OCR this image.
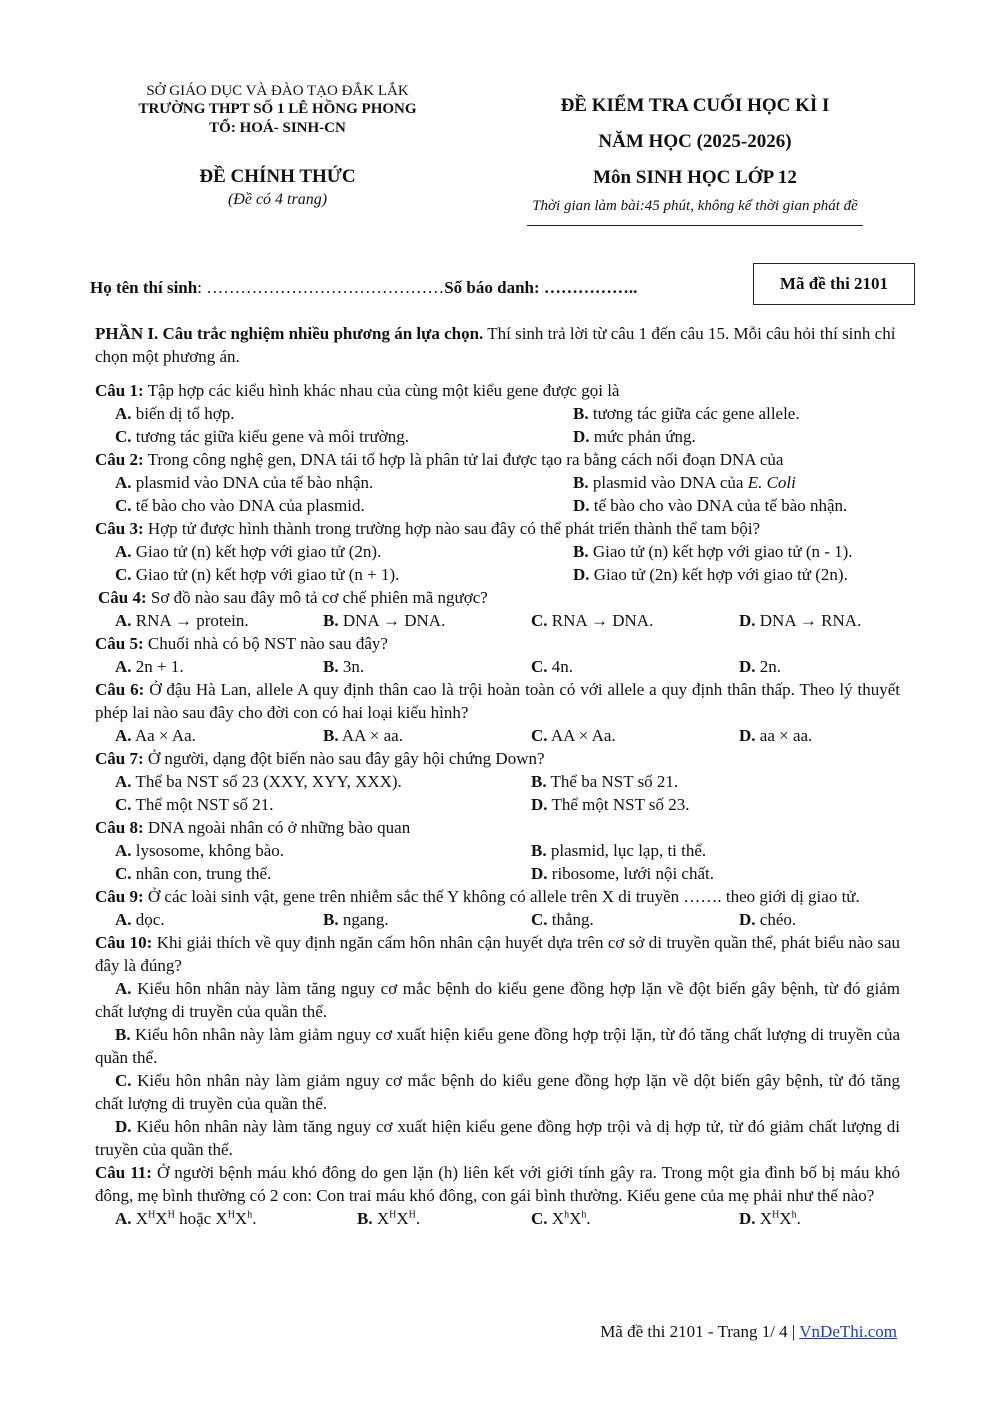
SỞ GIÁO DỤC VÀ ĐÀO TẠO ĐẮK LẮK
TRƯỜNG THPT SỐ 1 LÊ HỒNG PHONG
TỔ: HOÁ- SINH-CN
ĐỀ CHÍNH THỨC
(Đề có 4 trang)
ĐỀ KIỂM TRA CUỐI HỌC KÌ I
NĂM HỌC (2025-2026)
Môn SINH HỌC LỚP 12
Thời gian làm bài:45 phút, không kể thời gian phát đề
Họ tên thí sinh: ……………………………………Số báo danh: ……………..	Mã đề thi 2101
PHẦN I. Câu trắc nghiệm nhiều phương án lựa chọn. Thí sinh trả lời từ câu 1 đến câu 15. Mỗi câu hỏi thí sinh chỉ chọn một phương án.
Câu 1: Tập hợp các kiểu hình khác nhau của cùng một kiểu gene được gọi là
A. biến dị tổ hợp.	B. tương tác giữa các gene allele.
C. tương tác giữa kiểu gene và môi trường.	D. mức phản ứng.
Câu 2: Trong công nghệ gen, DNA tái tổ hợp là phân tử lai được tạo ra bằng cách nối đoạn DNA của
A. plasmid vào DNA của tế bào nhận.	B. plasmid vào DNA của E. Coli
C. tế bào cho vào DNA của plasmid.	D. tế bào cho vào DNA của tế bào nhận.
Câu 3: Hợp tử được hình thành trong trường hợp nào sau đây có thể phát triển thành thể tam bội?
A. Giao tử (n) kết hợp với giao tử (2n).	B. Giao tử (n) kết hợp với giao tử (n - 1).
C. Giao tử (n) kết hợp với giao tử (n + 1).	D. Giao tử (2n) kết hợp với giao tử (2n).
Câu 4: Sơ đồ nào sau đây mô tả cơ chế phiên mã ngược?
A. RNA → protein.	B. DNA → DNA.	C. RNA → DNA.	D. DNA → RNA.
Câu 5: Chuối nhà có bộ NST nào sau đây?
A. 2n + 1.	B. 3n.	C. 4n.	D. 2n.
Câu 6: Ở đậu Hà Lan, allele A quy định thân cao là trội hoàn toàn có với allele a quy định thân thấp. Theo lý thuyết phép lai nào sau đây cho đời con có hai loại kiểu hình?
A. Aa × Aa.	B. AA × aa.	C. AA × Aa.	D. aa × aa.
Câu 7: Ở người, dạng đột biến nào sau đây gây hội chứng Down?
A. Thể ba NST số 23 (XXY, XYY, XXX).	B. Thể ba NST số 21.
C. Thể một NST số 21.	D. Thể một NST số 23.
Câu 8: DNA ngoài nhân có ở những bào quan
A. lysosome, không bào.	B. plasmid, lục lạp, ti thể.
C. nhân con, trung thể.	D. ribosome, lưới nội chất.
Câu 9: Ở các loài sinh vật, gene trên nhiễm sắc thể Y không có allele trên X di truyền ……. theo giới dị giao tử.
A. dọc.	B. ngang.	C. thẳng.	D. chéo.
Câu 10: Khi giải thích về quy định ngăn cấm hôn nhân cận huyết dựa trên cơ sở di truyền quần thể, phát biểu nào sau đây là đúng?
A. Kiểu hôn nhân này làm tăng nguy cơ mắc bệnh do kiểu gene đồng hợp lặn về đột biến gây bệnh, từ đó giảm chất lượng di truyền của quần thể.
B. Kiểu hôn nhân này làm giảm nguy cơ xuất hiện kiểu gene đồng hợp trội lặn, từ đó tăng chất lượng di truyền của quần thể.
C. Kiểu hôn nhân này làm giảm nguy cơ mắc bệnh do kiểu gene đồng hợp lặn về dột biến gây bệnh, từ đó tăng chất lượng di truyền của quần thể.
D. Kiểu hôn nhân này làm tăng nguy cơ xuất hiện kiểu gene đồng hợp trội và dị hợp tử, từ đó giảm chất lượng di truyền của quần thể.
Câu 11: Ở người bệnh máu khó đông do gen lặn (h) liên kết với giới tính gây ra. Trong một gia đình bố bị máu khó đông, mẹ bình thường có 2 con: Con trai máu khó đông, con gái bình thường. Kiểu gene của mẹ phải như thế nào?
A. $X^HX^H$ hoặc $X^HX^h$.	B. $X^HX^H$.	C. $X^hX^h$.	D. $X^HX^h$.
Mã đề thi 2101 - Trang 1/ 4 | VnDeThi.com
